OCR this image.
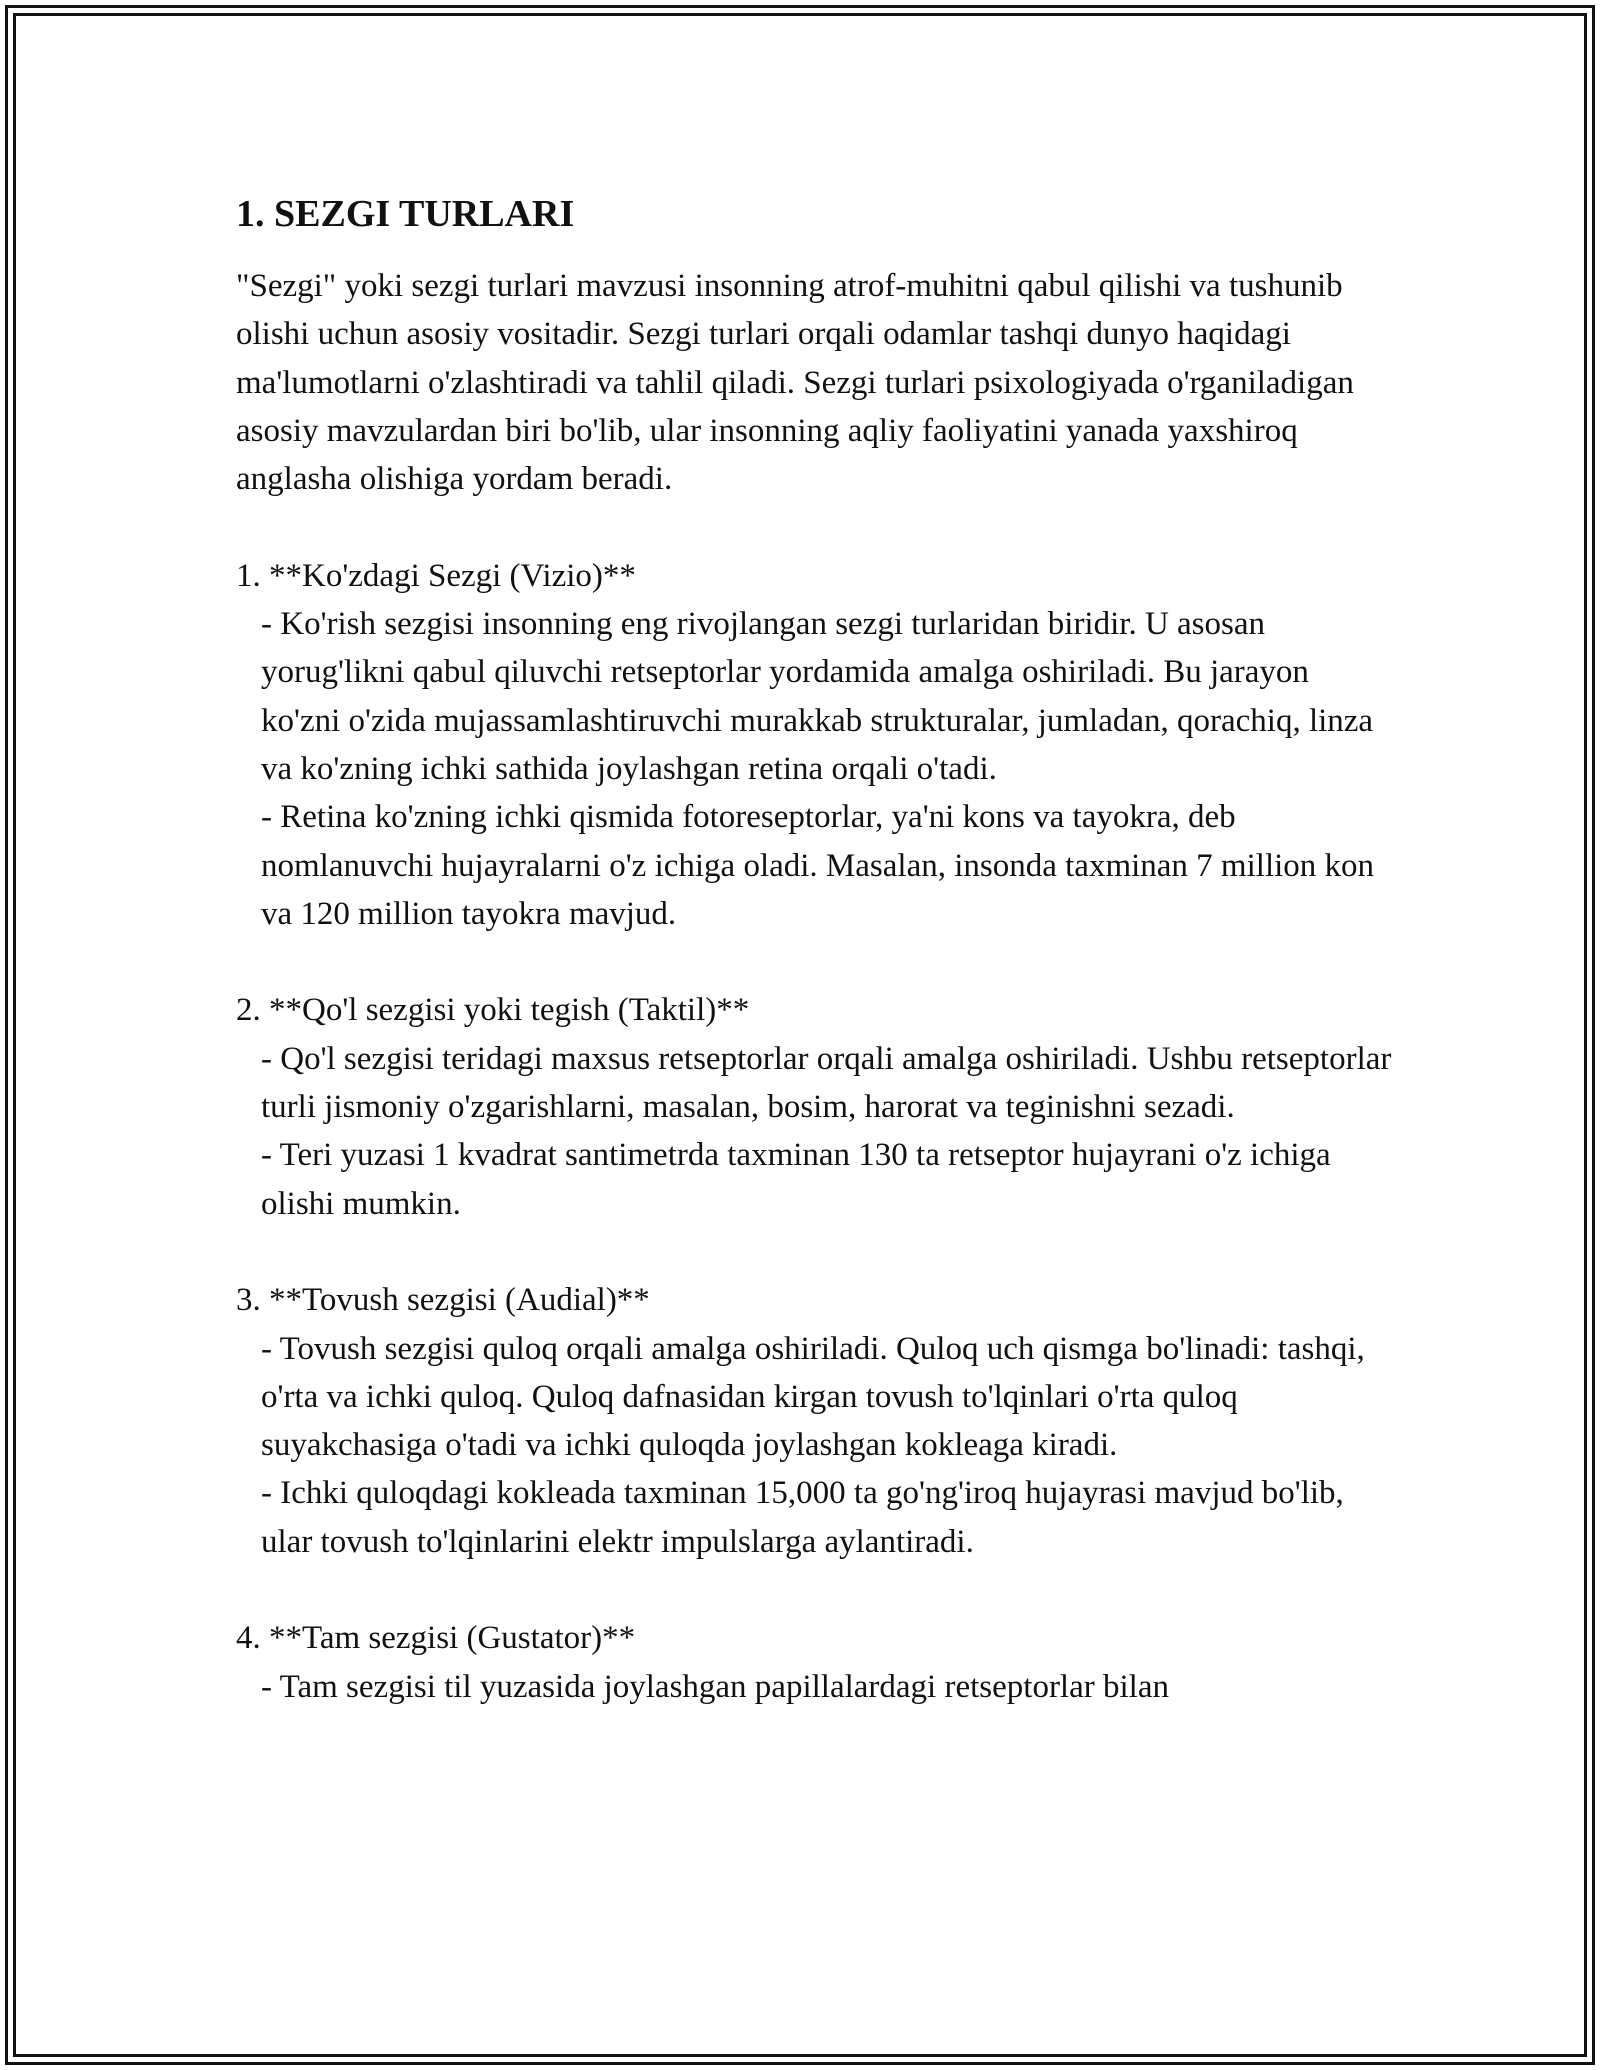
1. SEZGI TURLARI

"Sezgi" yoki sezgi turlari mavzusi insonning atrof-muhitni qabul qilishi va tushunib olishi uchun asosiy vositadir. Sezgi turlari orqali odamlar tashqi dunyo haqidagi ma'lumotlarni o'zlashtiradi va tahlil qiladi. Sezgi turlari psixologiyada o'rganiladigan asosiy mavzulardan biri bo'lib, ular insonning aqliy faoliyatini yanada yaxshiroq anglasha olishiga yordam beradi.

1. **Ko'zdagi Sezgi (Vizio)**

- Ko'rish sezgisi insonning eng rivojlangan sezgi turlaridan biridir. U asosan yorug'likni qabul qiluvchi retseptorlar yordamida amalga oshiriladi. Bu jarayon ko'zni o'zida mujassamlashtiruvchi murakkab strukturalar, jumladan, qorachiq, linza va ko'zning ichki sathida joylashgan retina orqali o'tadi.

- Retina ko'zning ichki qismida fotoreseptorlar, ya'ni kons va tayokra, deb nomlanuvchi hujayralarni o'z ichiga oladi. Masalan, insonda taxminan 7 million kon va 120 million tayokra mavjud.

2. **Qo'l sezgisi yoki tegish (Taktil)**

- Qo'l sezgisi teridagi maxsus retseptorlar orqali amalga oshiriladi. Ushbu retseptorlar turli jismoniy o'zgarishlarni, masalan, bosim, harorat va teginishni sezadi.

- Teri yuzasi 1 kvadrat santimetrda taxminan 130 ta retseptor hujayrani o'z ichiga olishi mumkin.

3. **Tovush sezgisi (Audial)**

- Tovush sezgisi quloq orqali amalga oshiriladi. Quloq uch qismga bo'linadi: tashqi, o'rta va ichki quloq. Quloq dafnasidan kirgan tovush to'lqinlari o'rta quloq suyakchasiga o'tadi va ichki quloqda joylashgan kokleaga kiradi.

- Ichki quloqdagi kokleada taxminan 15,000 ta go'ng'iroq hujayrasi mavjud bo'lib, ular tovush to'lqinlarini elektr impulslarga aylantiradi.

4. **Tam sezgisi (Gustator)**

- Tam sezgisi til yuzasida joylashgan papillalardagi retseptorlar bilan
